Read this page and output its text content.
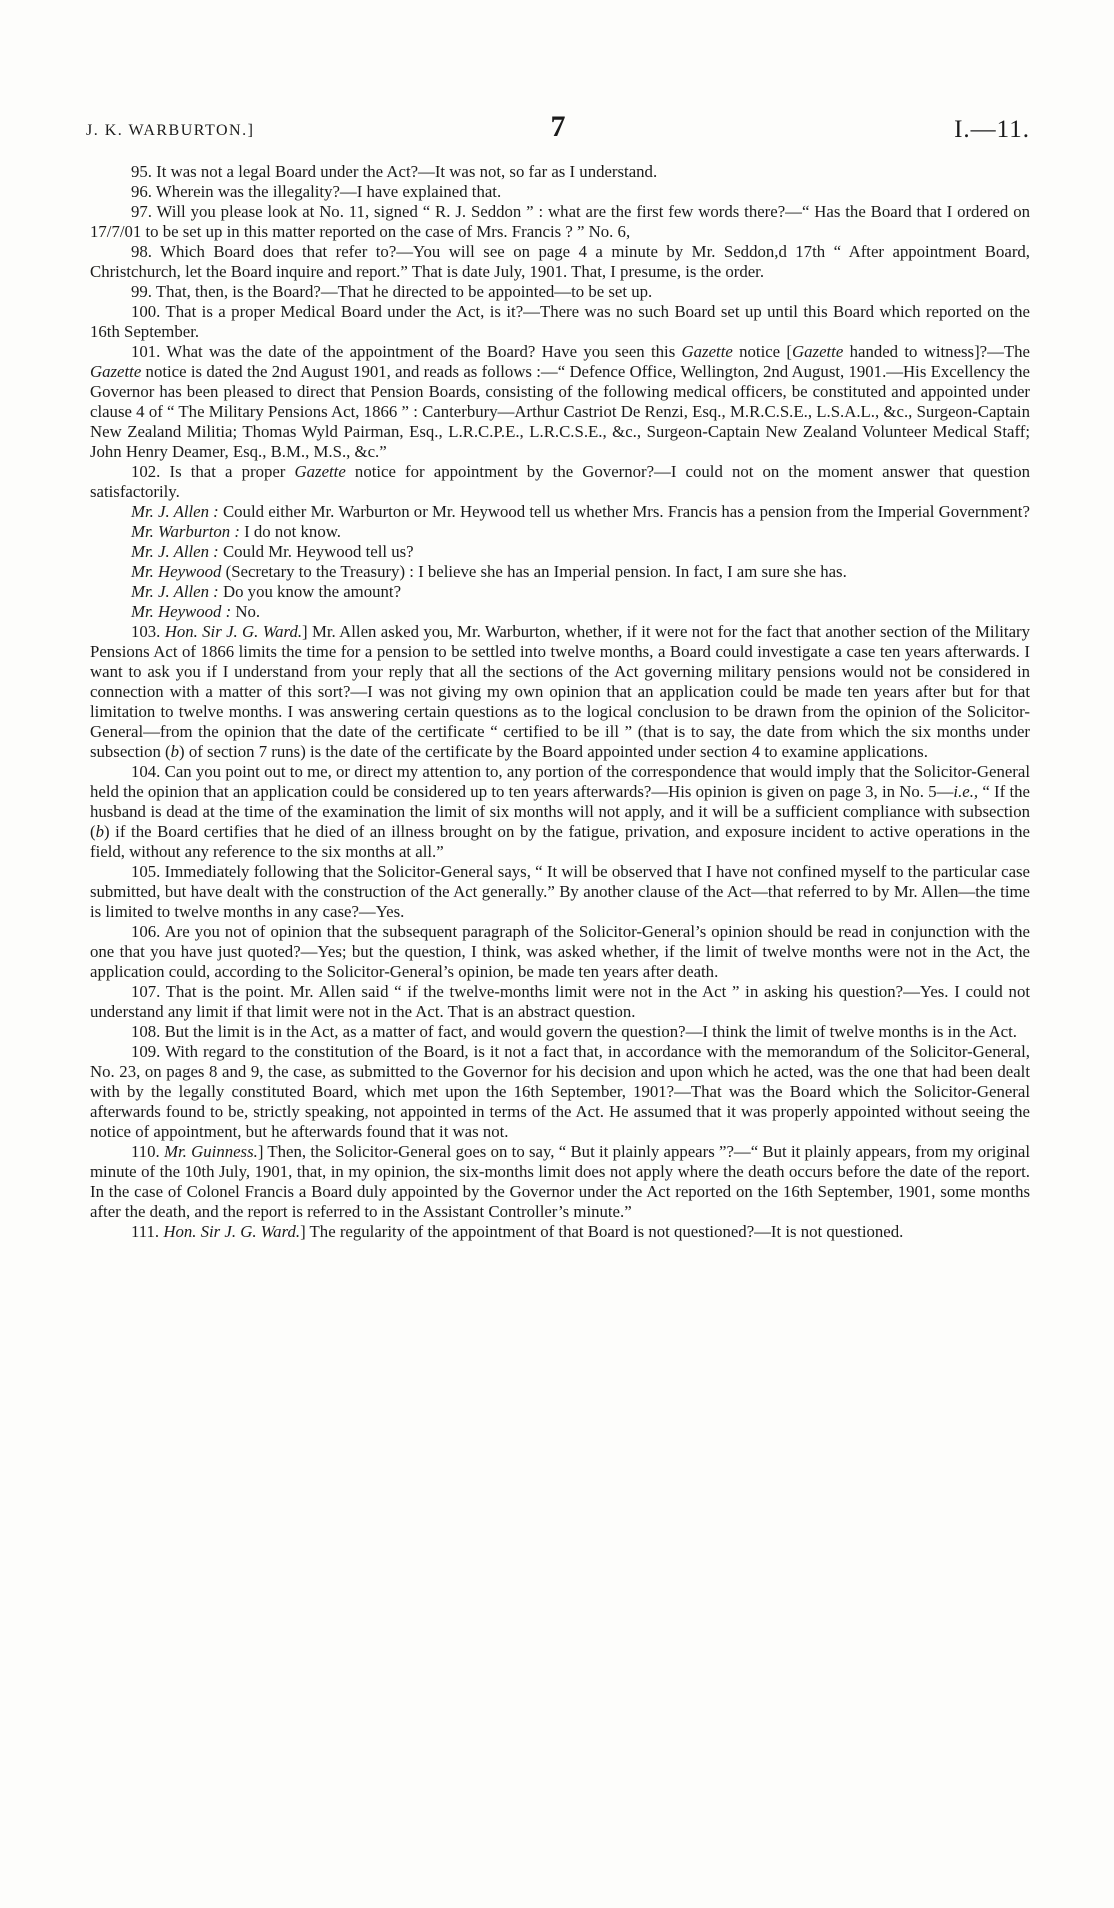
J. K. WARBURTON.]	7	I.—11.

95. It was not a legal Board under the Act?—It was not, so far as I understand.

96. Wherein was the illegality?—I have explained that.

97. Will you please look at No. 11, signed “ R. J. Seddon ” : what are the first few words there?—“ Has the Board that I ordered on 17/7/01 to be set up in this matter reported on the case of Mrs. Francis ? ” No. 6,

98. Which Board does that refer to?—You will see on page 4 a minute by Mr. Seddon,d 17th “ After appointment Board, Christchurch, let the Board inquire and report.” That is date July, 1901. That, I presume, is the order.

99. That, then, is the Board?—That he directed to be appointed—to be set up.

100. That is a proper Medical Board under the Act, is it?—There was no such Board set up until this Board which reported on the 16th September.

101. What was the date of the appointment of the Board? Have you seen this Gazette notice [Gazette handed to witness]?—The Gazette notice is dated the 2nd August 1901, and reads as follows :—“ Defence Office, Wellington, 2nd August, 1901.—His Excellency the Governor has been pleased to direct that Pension Boards, consisting of the following medical officers, be constituted and appointed under clause 4 of “ The Military Pensions Act, 1866 ” : Canterbury—Arthur Castriot De Renzi, Esq., M.R.C.S.E., L.S.A.L., &c., Surgeon-Captain New Zealand Militia; Thomas Wyld Pairman, Esq., L.R.C.P.E., L.R.C.S.E., &c., Surgeon-Captain New Zealand Volunteer Medical Staff; John Henry Deamer, Esq., B.M., M.S., &c.”

102. Is that a proper Gazette notice for appointment by the Governor?—I could not on the moment answer that question satisfactorily.

Mr. J. Allen : Could either Mr. Warburton or Mr. Heywood tell us whether Mrs. Francis has a pension from the Imperial Government?

Mr. Warburton : I do not know.

Mr. J. Allen : Could Mr. Heywood tell us?

Mr. Heywood (Secretary to the Treasury) : I believe she has an Imperial pension. In fact, I am sure she has.

Mr. J. Allen : Do you know the amount?

Mr. Heywood : No.

103. Hon. Sir J. G. Ward.] Mr. Allen asked you, Mr. Warburton, whether, if it were not for the fact that another section of the Military Pensions Act of 1866 limits the time for a pension to be settled into twelve months, a Board could investigate a case ten years afterwards. I want to ask you if I understand from your reply that all the sections of the Act governing military pensions would not be considered in connection with a matter of this sort?—I was not giving my own opinion that an application could be made ten years after but for that limitation to twelve months. I was answering certain questions as to the logical conclusion to be drawn from the opinion of the Solicitor-General—from the opinion that the date of the certificate “ certified to be ill ” (that is to say, the date from which the six months under subsection (b) of section 7 runs) is the date of the certificate by the Board appointed under section 4 to examine applications.

104. Can you point out to me, or direct my attention to, any portion of the correspondence that would imply that the Solicitor-General held the opinion that an application could be considered up to ten years afterwards?—His opinion is given on page 3, in No. 5—i.e., “ If the husband is dead at the time of the examination the limit of six months will not apply, and it will be a sufficient compliance with subsection (b) if the Board certifies that he died of an illness brought on by the fatigue, privation, and exposure incident to active operations in the field, without any reference to the six months at all.”

105. Immediately following that the Solicitor-General says, “ It will be observed that I have not confined myself to the particular case submitted, but have dealt with the construction of the Act generally.” By another clause of the Act—that referred to by Mr. Allen—the time is limited to twelve months in any case?—Yes.

106. Are you not of opinion that the subsequent paragraph of the Solicitor-General’s opinion should be read in conjunction with the one that you have just quoted?—Yes; but the question, I think, was asked whether, if the limit of twelve months were not in the Act, the application could, according to the Solicitor-General’s opinion, be made ten years after death.

107. That is the point. Mr. Allen said “ if the twelve-months limit were not in the Act ” in asking his question?—Yes. I could not understand any limit if that limit were not in the Act. That is an abstract question.

108. But the limit is in the Act, as a matter of fact, and would govern the question?—I think the limit of twelve months is in the Act.

109. With regard to the constitution of the Board, is it not a fact that, in accordance with the memorandum of the Solicitor-General, No. 23, on pages 8 and 9, the case, as submitted to the Governor for his decision and upon which he acted, was the one that had been dealt with by the legally constituted Board, which met upon the 16th September, 1901?—That was the Board which the Solicitor-General afterwards found to be, strictly speaking, not appointed in terms of the Act. He assumed that it was properly appointed without seeing the notice of appointment, but he afterwards found that it was not.

110. Mr. Guinness.] Then, the Solicitor-General goes on to say, “ But it plainly appears ”?—“ But it plainly appears, from my original minute of the 10th July, 1901, that, in my opinion, the six-months limit does not apply where the death occurs before the date of the report. In the case of Colonel Francis a Board duly appointed by the Governor under the Act reported on the 16th September, 1901, some months after the death, and the report is referred to in the Assistant Controller’s minute.”

111. Hon. Sir J. G. Ward.] The regularity of the appointment of that Board is not questioned?—It is not questioned.
